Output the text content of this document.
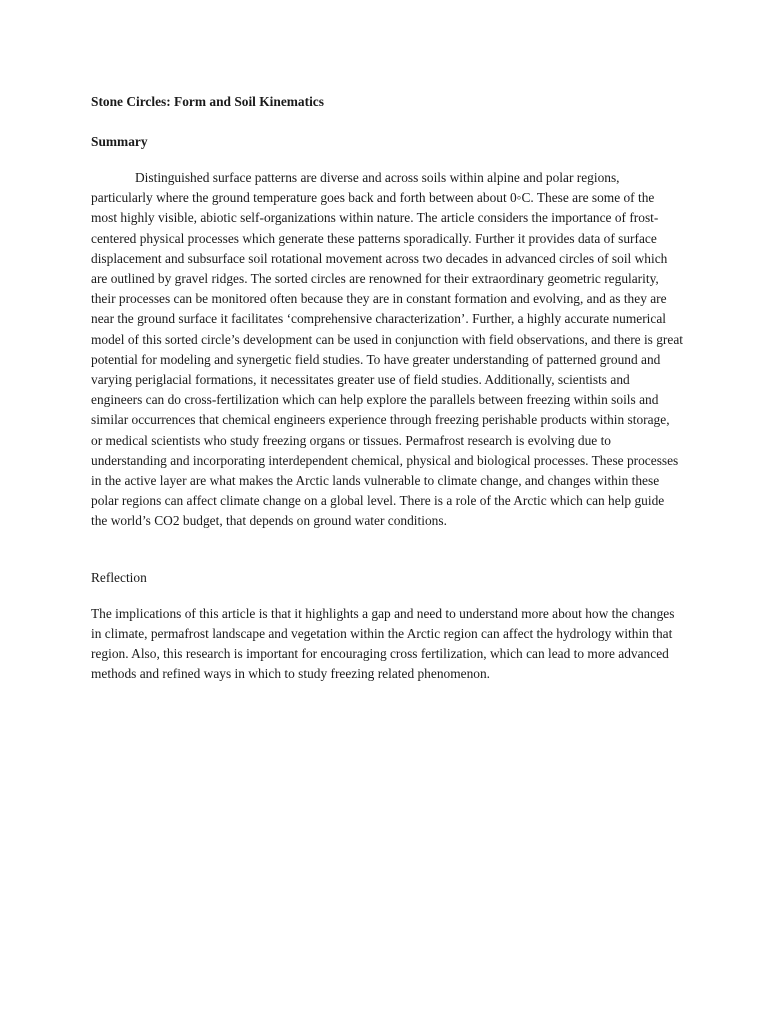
Stone Circles: Form and Soil Kinematics

Summary

Distinguished surface patterns are diverse and across soils within alpine and polar regions, particularly where the ground temperature goes back and forth between about 0◦C. These are some of the most highly visible, abiotic self-organizations within nature. The article considers the importance of frost-centered physical processes which generate these patterns sporadically. Further it provides data of surface displacement and subsurface soil rotational movement across two decades in advanced circles of soil which are outlined by gravel ridges. The sorted circles are renowned for their extraordinary geometric regularity, their processes can be monitored often because they are in constant formation and evolving, and as they are near the ground surface it facilitates ‘comprehensive characterization’. Further, a highly accurate numerical model of this sorted circle’s development can be used in conjunction with field observations, and there is great potential for modeling and synergetic field studies. To have greater understanding of patterned ground and varying periglacial formations, it necessitates greater use of field studies. Additionally, scientists and engineers can do cross-fertilization which can help explore the parallels between freezing within soils and similar occurrences that chemical engineers experience through freezing perishable products within storage, or medical scientists who study freezing organs or tissues. Permafrost research is evolving due to understanding and incorporating interdependent chemical, physical and biological processes. These processes in the active layer are what makes the Arctic lands vulnerable to climate change, and changes within these polar regions can affect climate change on a global level. There is a role of the Arctic which can help guide the world’s CO2 budget, that depends on ground water conditions.

Reflection

The implications of this article is that it highlights a gap and need to understand more about how the changes in climate, permafrost landscape and vegetation within the Arctic region can affect the hydrology within that region. Also, this research is important for encouraging cross fertilization, which can lead to more advanced methods and refined ways in which to study freezing related phenomenon.
